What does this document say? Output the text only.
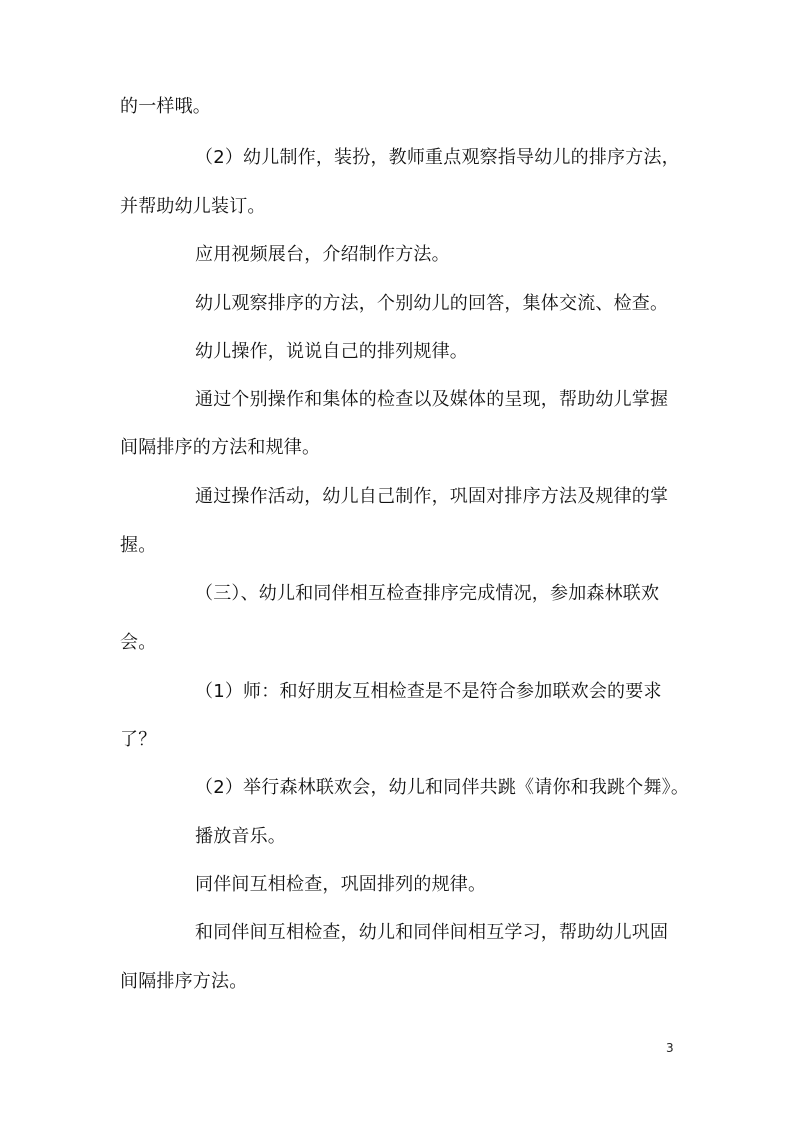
的一样哦。
（2）幼儿制作，装扮，教师重点观察指导幼儿的排序方法，
并帮助幼儿装订。
应用视频展台，介绍制作方法。
幼儿观察排序的方法，个别幼儿的回答，集体交流、检查。
幼儿操作，说说自己的排列规律。
通过个别操作和集体的检查以及媒体的呈现，帮助幼儿掌握
间隔排序的方法和规律。
通过操作活动，幼儿自己制作，巩固对排序方法及规律的掌
握。
（三）、幼儿和同伴相互检查排序完成情况，参加森林联欢
会。
（1）师：和好朋友互相检查是不是符合参加联欢会的要求
了？
（2）举行森林联欢会，幼儿和同伴共跳《请你和我跳个舞》。
播放音乐。
同伴间互相检查，巩固排列的规律。
和同伴间互相检查，幼儿和同伴间相互学习，帮助幼儿巩固
间隔排序方法。
3
